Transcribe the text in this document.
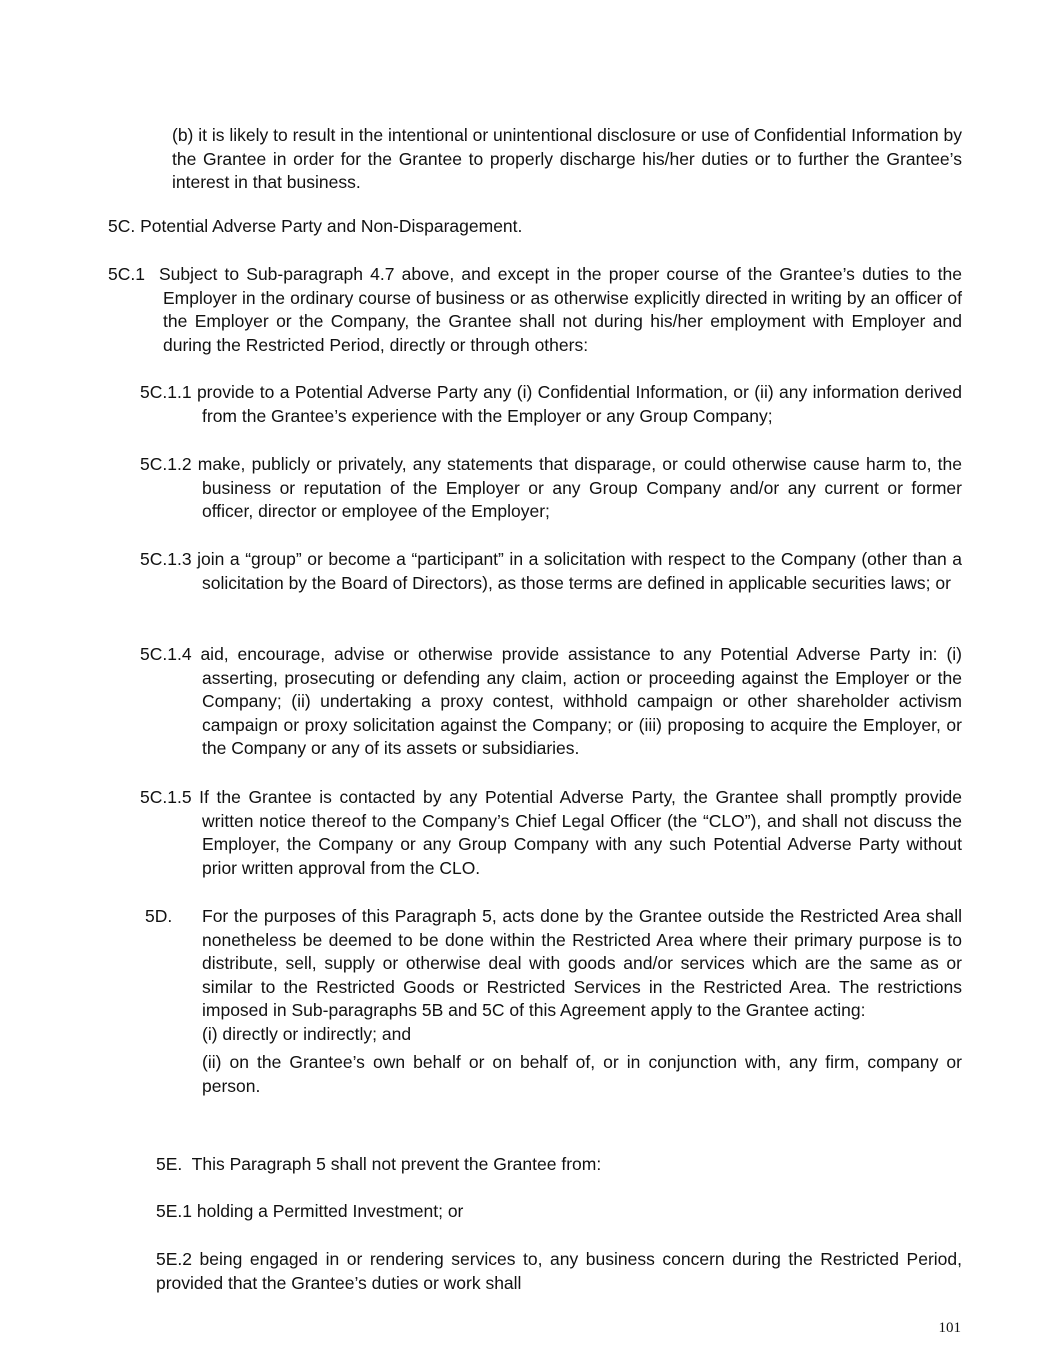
(b) it is likely to result in the intentional or unintentional disclosure or use of Confidential Information by the Grantee in order for the Grantee to properly discharge his/her duties or to further the Grantee’s interest in that business.

5C. Potential Adverse Party and Non-Disparagement.

5C.1 Subject to Sub-paragraph 4.7 above, and except in the proper course of the Grantee’s duties to the Employer in the ordinary course of business or as otherwise explicitly directed in writing by an officer of the Employer or the Company, the Grantee shall not during his/her employment with Employer and during the Restricted Period, directly or through others:

5C.1.1 provide to a Potential Adverse Party any (i) Confidential Information, or (ii) any information derived from the Grantee’s experience with the Employer or any Group Company;

5C.1.2 make, publicly or privately, any statements that disparage, or could otherwise cause harm to, the business or reputation of the Employer or any Group Company and/or any current or former officer, director or employee of the Employer;

5C.1.3 join a “group” or become a “participant” in a solicitation with respect to the Company (other than a solicitation by the Board of Directors), as those terms are defined in applicable securities laws; or

5C.1.4 aid, encourage, advise or otherwise provide assistance to any Potential Adverse Party in: (i) asserting, prosecuting or defending any claim, action or proceeding against the Employer or the Company; (ii) undertaking a proxy contest, withhold campaign or other shareholder activism campaign or proxy solicitation against the Company; or (iii) proposing to acquire the Employer, or the Company or any of its assets or subsidiaries.

5C.1.5 If the Grantee is contacted by any Potential Adverse Party, the Grantee shall promptly provide written notice thereof to the Company’s Chief Legal Officer (the “CLO”), and shall not discuss the Employer, the Company or any Group Company with any such Potential Adverse Party without prior written approval from the CLO.

5D. For the purposes of this Paragraph 5, acts done by the Grantee outside the Restricted Area shall nonetheless be deemed to be done within the Restricted Area where their primary purpose is to distribute, sell, supply or otherwise deal with goods and/or services which are the same as or similar to the Restricted Goods or Restricted Services in the Restricted Area. The restrictions imposed in Sub-paragraphs 5B and 5C of this Agreement apply to the Grantee acting:

(i) directly or indirectly; and

(ii) on the Grantee’s own behalf or on behalf of, or in conjunction with, any firm, company or person.

5E.  This Paragraph 5 shall not prevent the Grantee from:

5E.1 holding a Permitted Investment; or

5E.2 being engaged in or rendering services to, any business concern during the Restricted Period, provided that the Grantee’s duties or work shall

101
